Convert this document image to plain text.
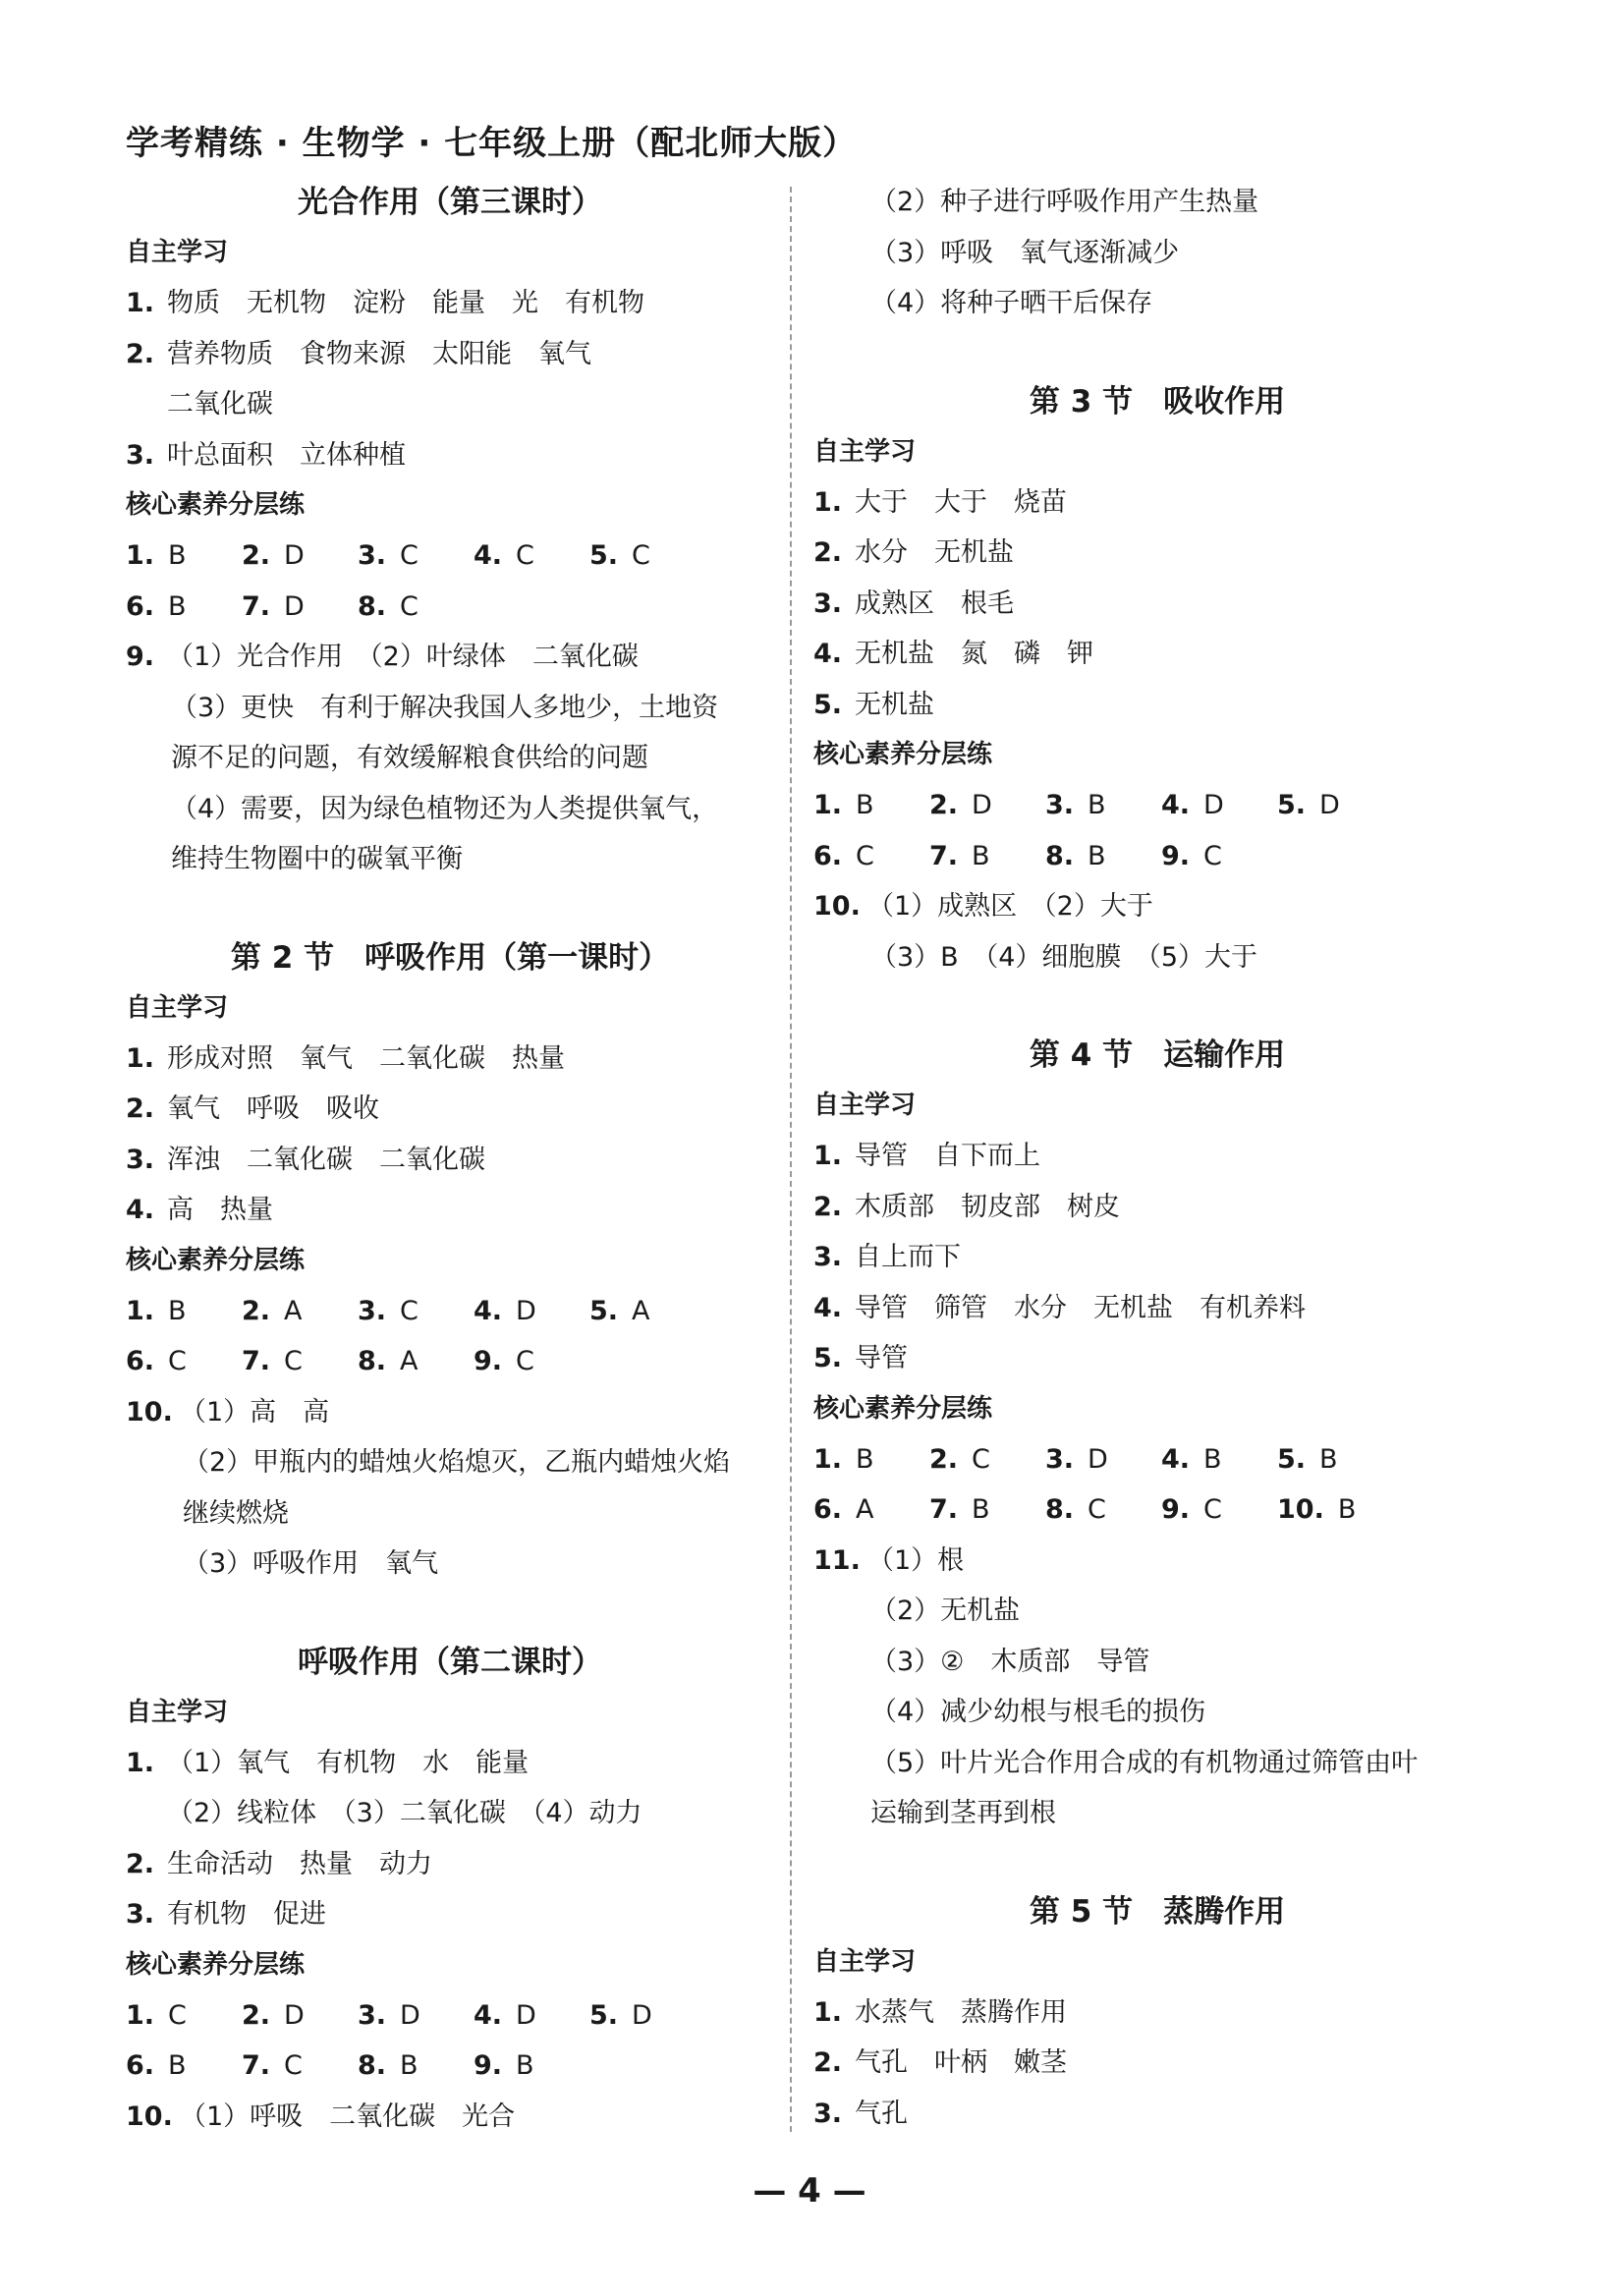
学考精练 · 生物学 · 七年级上册（配北师大版）
光合作用（第三课时）
自主学习
1. 物质　无机物　淀粉　能量　光　有机物
2. 营养物质　食物来源　太阳能　氧气
二氧化碳
3. 叶总面积　立体种植
核心素养分层练
1. B	2. D	3. C	4. C	5. C
6. B	7. D	8. C
9. （1）光合作用　（2）叶绿体　二氧化碳
（3）更快　有利于解决我国人多地少，土地资
源不足的问题，有效缓解粮食供给的问题
（4）需要，因为绿色植物还为人类提供氧气，
维持生物圈中的碳氧平衡
第 2 节　呼吸作用（第一课时）
自主学习
1. 形成对照　氧气　二氧化碳　热量
2. 氧气　呼吸　吸收
3. 浑浊　二氧化碳　二氧化碳
4. 高　热量
核心素养分层练
1. B	2. A	3. C	4. D	5. A
6. C	7. C	8. A	9. C
10. （1）高　高
（2）甲瓶内的蜡烛火焰熄灭，乙瓶内蜡烛火焰
继续燃烧
（3）呼吸作用　氧气
呼吸作用（第二课时）
自主学习
1. （1）氧气　有机物　水　能量
（2）线粒体　（3）二氧化碳　（4）动力
2. 生命活动　热量　动力
3. 有机物　促进
核心素养分层练
1. C	2. D	3. D	4. D	5. D
6. B	7. C	8. B	9. B
10. （1）呼吸　二氧化碳　光合
（2）种子进行呼吸作用产生热量
（3）呼吸　氧气逐渐减少
（4）将种子晒干后保存
第 3 节　吸收作用
自主学习
1. 大于　大于　烧苗
2. 水分　无机盐
3. 成熟区　根毛
4. 无机盐　氮　磷　钾
5. 无机盐
核心素养分层练
1. B	2. D	3. B	4. D	5. D
6. C	7. B	8. B	9. C
10. （1）成熟区　（2）大于
（3）B　（4）细胞膜　（5）大于
第 4 节　运输作用
自主学习
1. 导管　自下而上
2. 木质部　韧皮部　树皮
3. 自上而下
4. 导管　筛管　水分　无机盐　有机养料
5. 导管
核心素养分层练
1. B	2. C	3. D	4. B	5. B
6. A	7. B	8. C	9. C	10. B
11. （1）根
（2）无机盐
（3）②　木质部　导管
（4）减少幼根与根毛的损伤
（5）叶片光合作用合成的有机物通过筛管由叶
运输到茎再到根
第 5 节　蒸腾作用
自主学习
1. 水蒸气　蒸腾作用
2. 气孔　叶柄　嫩茎
3. 气孔
— 4 —
